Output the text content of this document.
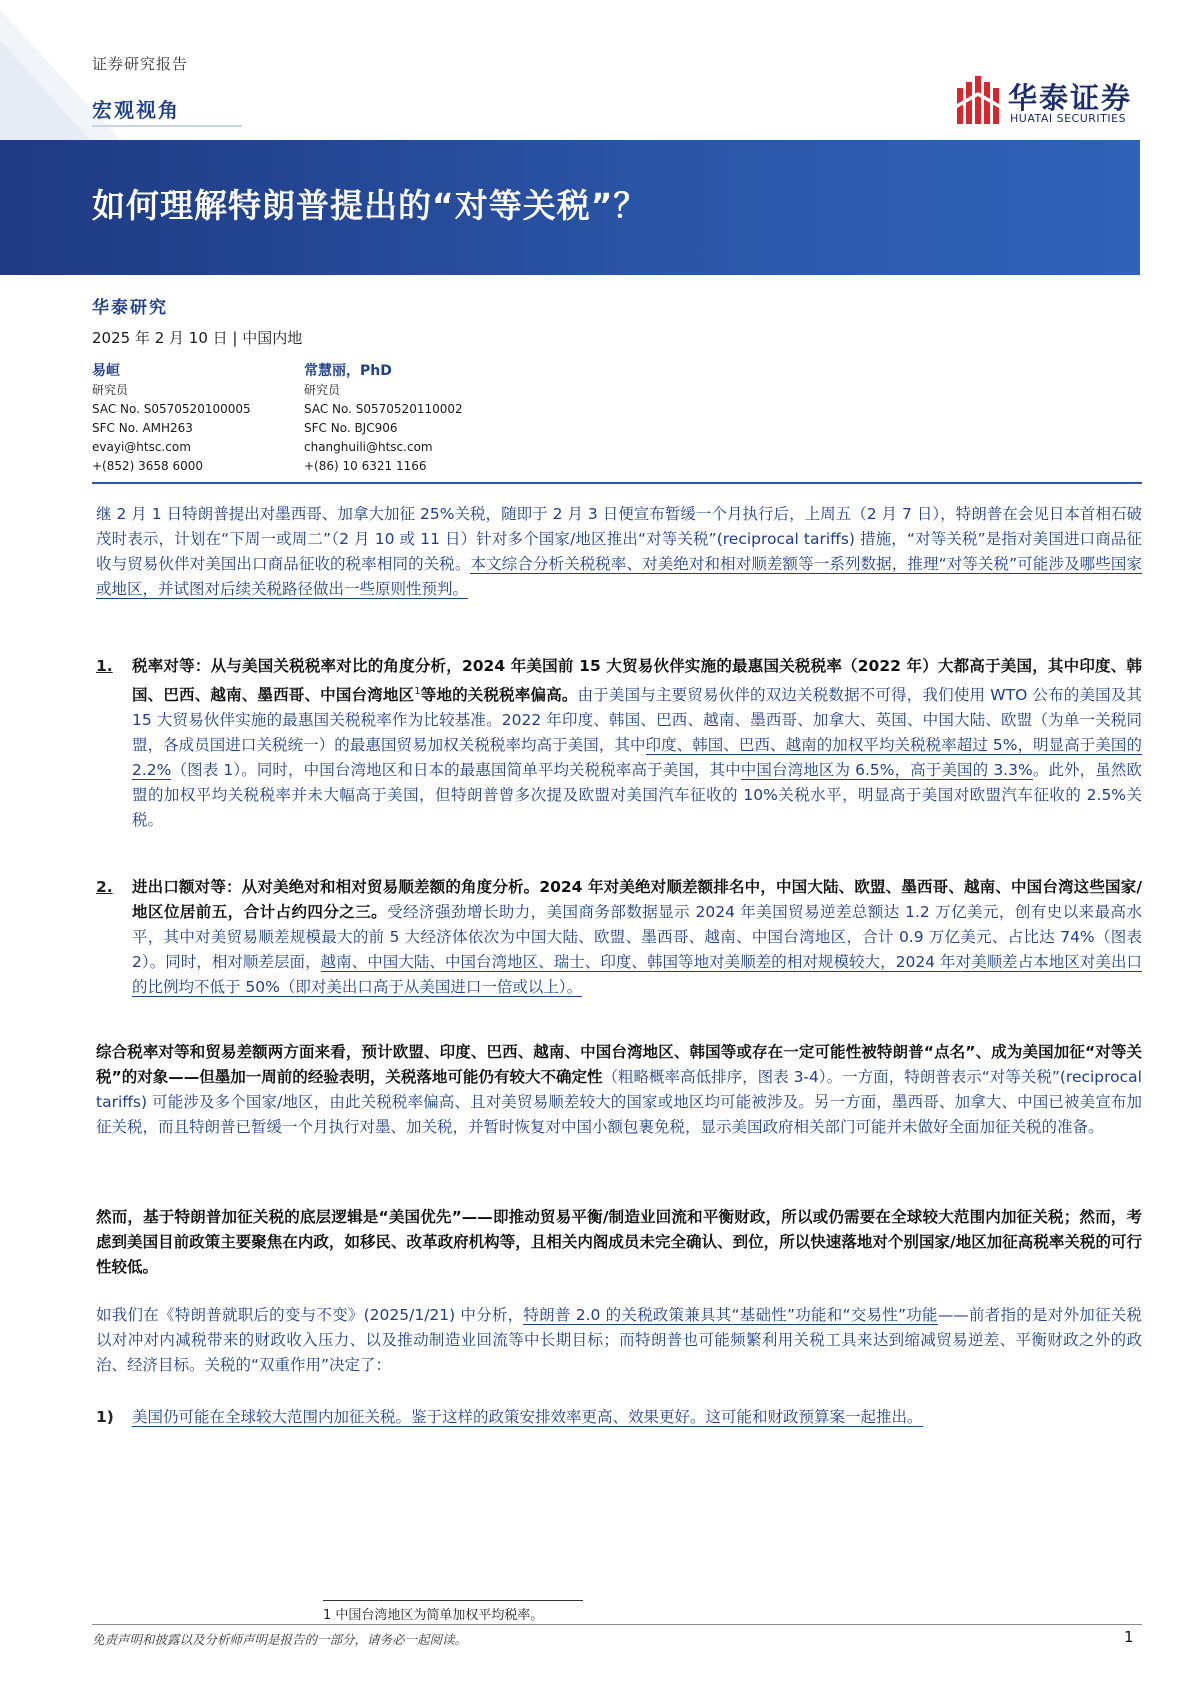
证券研究报告
宏观视角	华泰证券
HUATAI SECURITIES
如何理解特朗普提出的“对等关税”？
华泰研究
2025 年 2 月 10 日 | 中国内地
易峘
研究员
SAC No. S0570520100005
SFC No. AMH263
evayi@htsc.com
+(852) 3658 6000
常慧丽，PhD
研究员
SAC No. S0570520110002
SFC No. BJC906
changhuili@htsc.com
+(86) 10 6321 1166
继 2 月 1 日特朗普提出对墨西哥、加拿大加征 25%关税，随即于 2 月 3 日便宣布暂缓一个月执行后，上周五（2 月 7 日），特朗普在会见日本首相石破茂时表示，计划在“下周一或周二”（2 月 10 或 11 日）针对多个国家/地区推出“对等关税”(reciprocal tariffs) 措施，“对等关税”是指对美国进口商品征收与贸易伙伴对美国出口商品征收的税率相同的关税。本文综合分析关税税率、对美绝对和相对顺差额等一系列数据，推理“对等关税”可能涉及哪些国家或地区，并试图对后续关税路径做出一些原则性预判。
1. 税率对等：从与美国关税税率对比的角度分析，2024 年美国前 15 大贸易伙伴实施的最惠国关税税率（2022 年）大都高于美国，其中印度、韩国、巴西、越南、墨西哥、中国台湾地区$^1$等地的关税税率偏高。由于美国与主要贸易伙伴的双边关税数据不可得，我们使用 WTO 公布的美国及其 15 大贸易伙伴实施的最惠国关税税率作为比较基准。2022 年印度、韩国、巴西、越南、墨西哥、加拿大、英国、中国大陆、欧盟（为单一关税同盟，各成员国进口关税统一）的最惠国贸易加权关税税率均高于美国，其中印度、韩国、巴西、越南的加权平均关税税率超过 5%，明显高于美国的 2.2%（图表 1）。同时，中国台湾地区和日本的最惠国简单平均关税税率高于美国，其中中国台湾地区为 6.5%，高于美国的 3.3%。此外，虽然欧盟的加权平均关税税率并未大幅高于美国，但特朗普曾多次提及欧盟对美国汽车征收的 10%关税水平，明显高于美国对欧盟汽车征收的 2.5%关税。
2. 进出口额对等：从对美绝对和相对贸易顺差额的角度分析。2024 年对美绝对顺差额排名中，中国大陆、欧盟、墨西哥、越南、中国台湾这些国家/地区位居前五，合计占约四分之三。受经济强劲增长助力，美国商务部数据显示 2024 年美国贸易逆差总额达 1.2 万亿美元，创有史以来最高水平，其中对美贸易顺差规模最大的前 5 大经济体依次为中国大陆、欧盟、墨西哥、越南、中国台湾地区，合计 0.9 万亿美元、占比达 74%（图表 2）。同时，相对顺差层面，越南、中国大陆、中国台湾地区、瑞士、印度、韩国等地对美顺差的相对规模较大，2024 年对美顺差占本地区对美出口的比例均不低于 50%（即对美出口高于从美国进口一倍或以上）。
综合税率对等和贸易差额两方面来看，预计欧盟、印度、巴西、越南、中国台湾地区、韩国等或存在一定可能性被特朗普“点名”、成为美国加征“对等关税”的对象——但墨加一周前的经验表明，关税落地可能仍有较大不确定性（粗略概率高低排序，图表 3-4）。一方面，特朗普表示“对等关税”(reciprocal tariffs) 可能涉及多个国家/地区，由此关税税率偏高、且对美贸易顺差较大的国家或地区均可能被涉及。另一方面，墨西哥、加拿大、中国已被美宣布加征关税，而且特朗普已暂缓一个月执行对墨、加关税，并暂时恢复对中国小额包裹免税，显示美国政府相关部门可能并未做好全面加征关税的准备。
然而，基于特朗普加征关税的底层逻辑是“美国优先”——即推动贸易平衡/制造业回流和平衡财政，所以或仍需要在全球较大范围内加征关税；然而，考虑到美国目前政策主要聚焦在内政，如移民、改革政府机构等，且相关内阁成员未完全确认、到位，所以快速落地对个别国家/地区加征高税率关税的可行性较低。
如我们在《特朗普就职后的变与不变》(2025/1/21) 中分析，特朗普 2.0 的关税政策兼具其“基础性”功能和“交易性”功能——前者指的是对外加征关税以对冲对内减税带来的财政收入压力、以及推动制造业回流等中长期目标；而特朗普也可能频繁利用关税工具来达到缩减贸易逆差、平衡财政之外的政治、经济目标。关税的“双重作用”决定了：
1) 美国仍可能在全球较大范围内加征关税。鉴于这样的政策安排效率更高、效果更好。这可能和财政预算案一起推出。
1 中国台湾地区为简单加权平均税率。
免责声明和披露以及分析师声明是报告的一部分，请务必一起阅读。	1
